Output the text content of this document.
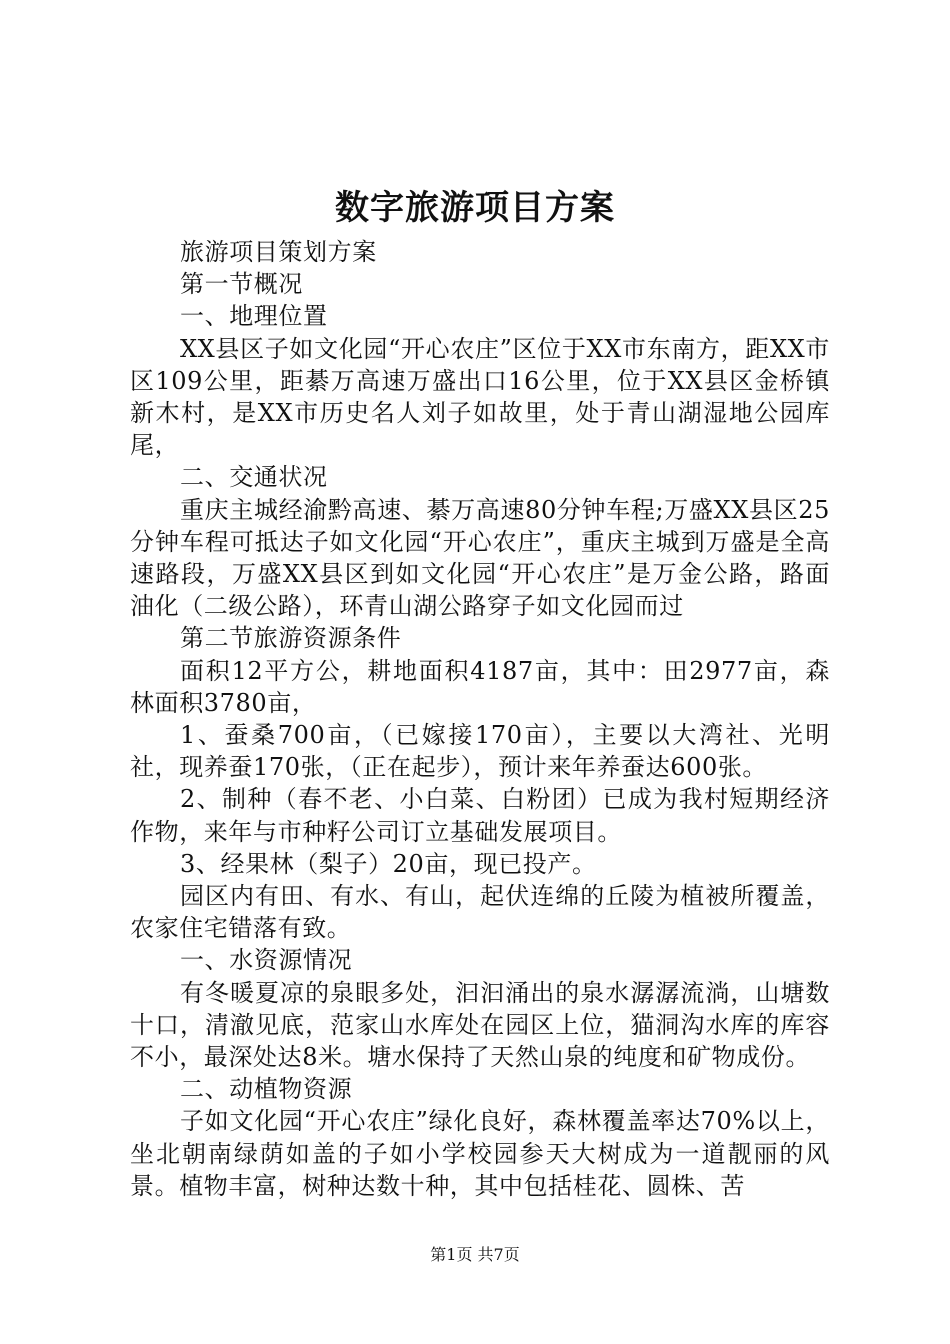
数字旅游项目方案

旅游项目策划方案

第一节概况

一、地理位置

XX县区子如文化园“开心农庄”区位于XX市东南方，距XX市区109公里，距綦万高速万盛出口16公里，位于XX县区金桥镇新木村，是XX市历史名人刘子如故里，处于青山湖湿地公园库尾，

二、交通状况

重庆主城经渝黔高速、綦万高速80分钟车程;万盛XX县区25分钟车程可抵达子如文化园“开心农庄”，重庆主城到万盛是全高速路段，万盛XX县区到如文化园“开心农庄”是万金公路，路面油化（二级公路），环青山湖公路穿子如文化园而过

第二节旅游资源条件

面积12平方公，耕地面积4187亩，其中：田2977亩，森林面积3780亩，

1、蚕桑700亩，（已嫁接170亩），主要以大湾社、光明社，现养蚕170张，（正在起步），预计来年养蚕达600张。

2、制种（春不老、小白菜、白粉团）已成为我村短期经济作物，来年与市种籽公司订立基础发展项目。

3、经果林（梨子）20亩，现已投产。

园区内有田、有水、有山，起伏连绵的丘陵为植被所覆盖，农家住宅错落有致。

一、水资源情况

有冬暖夏凉的泉眼多处，汩汩涌出的泉水潺潺流淌，山塘数十口，清澈见底，范家山水库处在园区上位，猫洞沟水库的库容不小，最深处达8米。塘水保持了天然山泉的纯度和矿物成份。

二、动植物资源

子如文化园“开心农庄”绿化良好，森林覆盖率达70%以上，坐北朝南绿荫如盖的子如小学校园参天大树成为一道靓丽的风景。植物丰富，树种达数十种，其中包括桂花、圆株、苦

第1页 共7页
